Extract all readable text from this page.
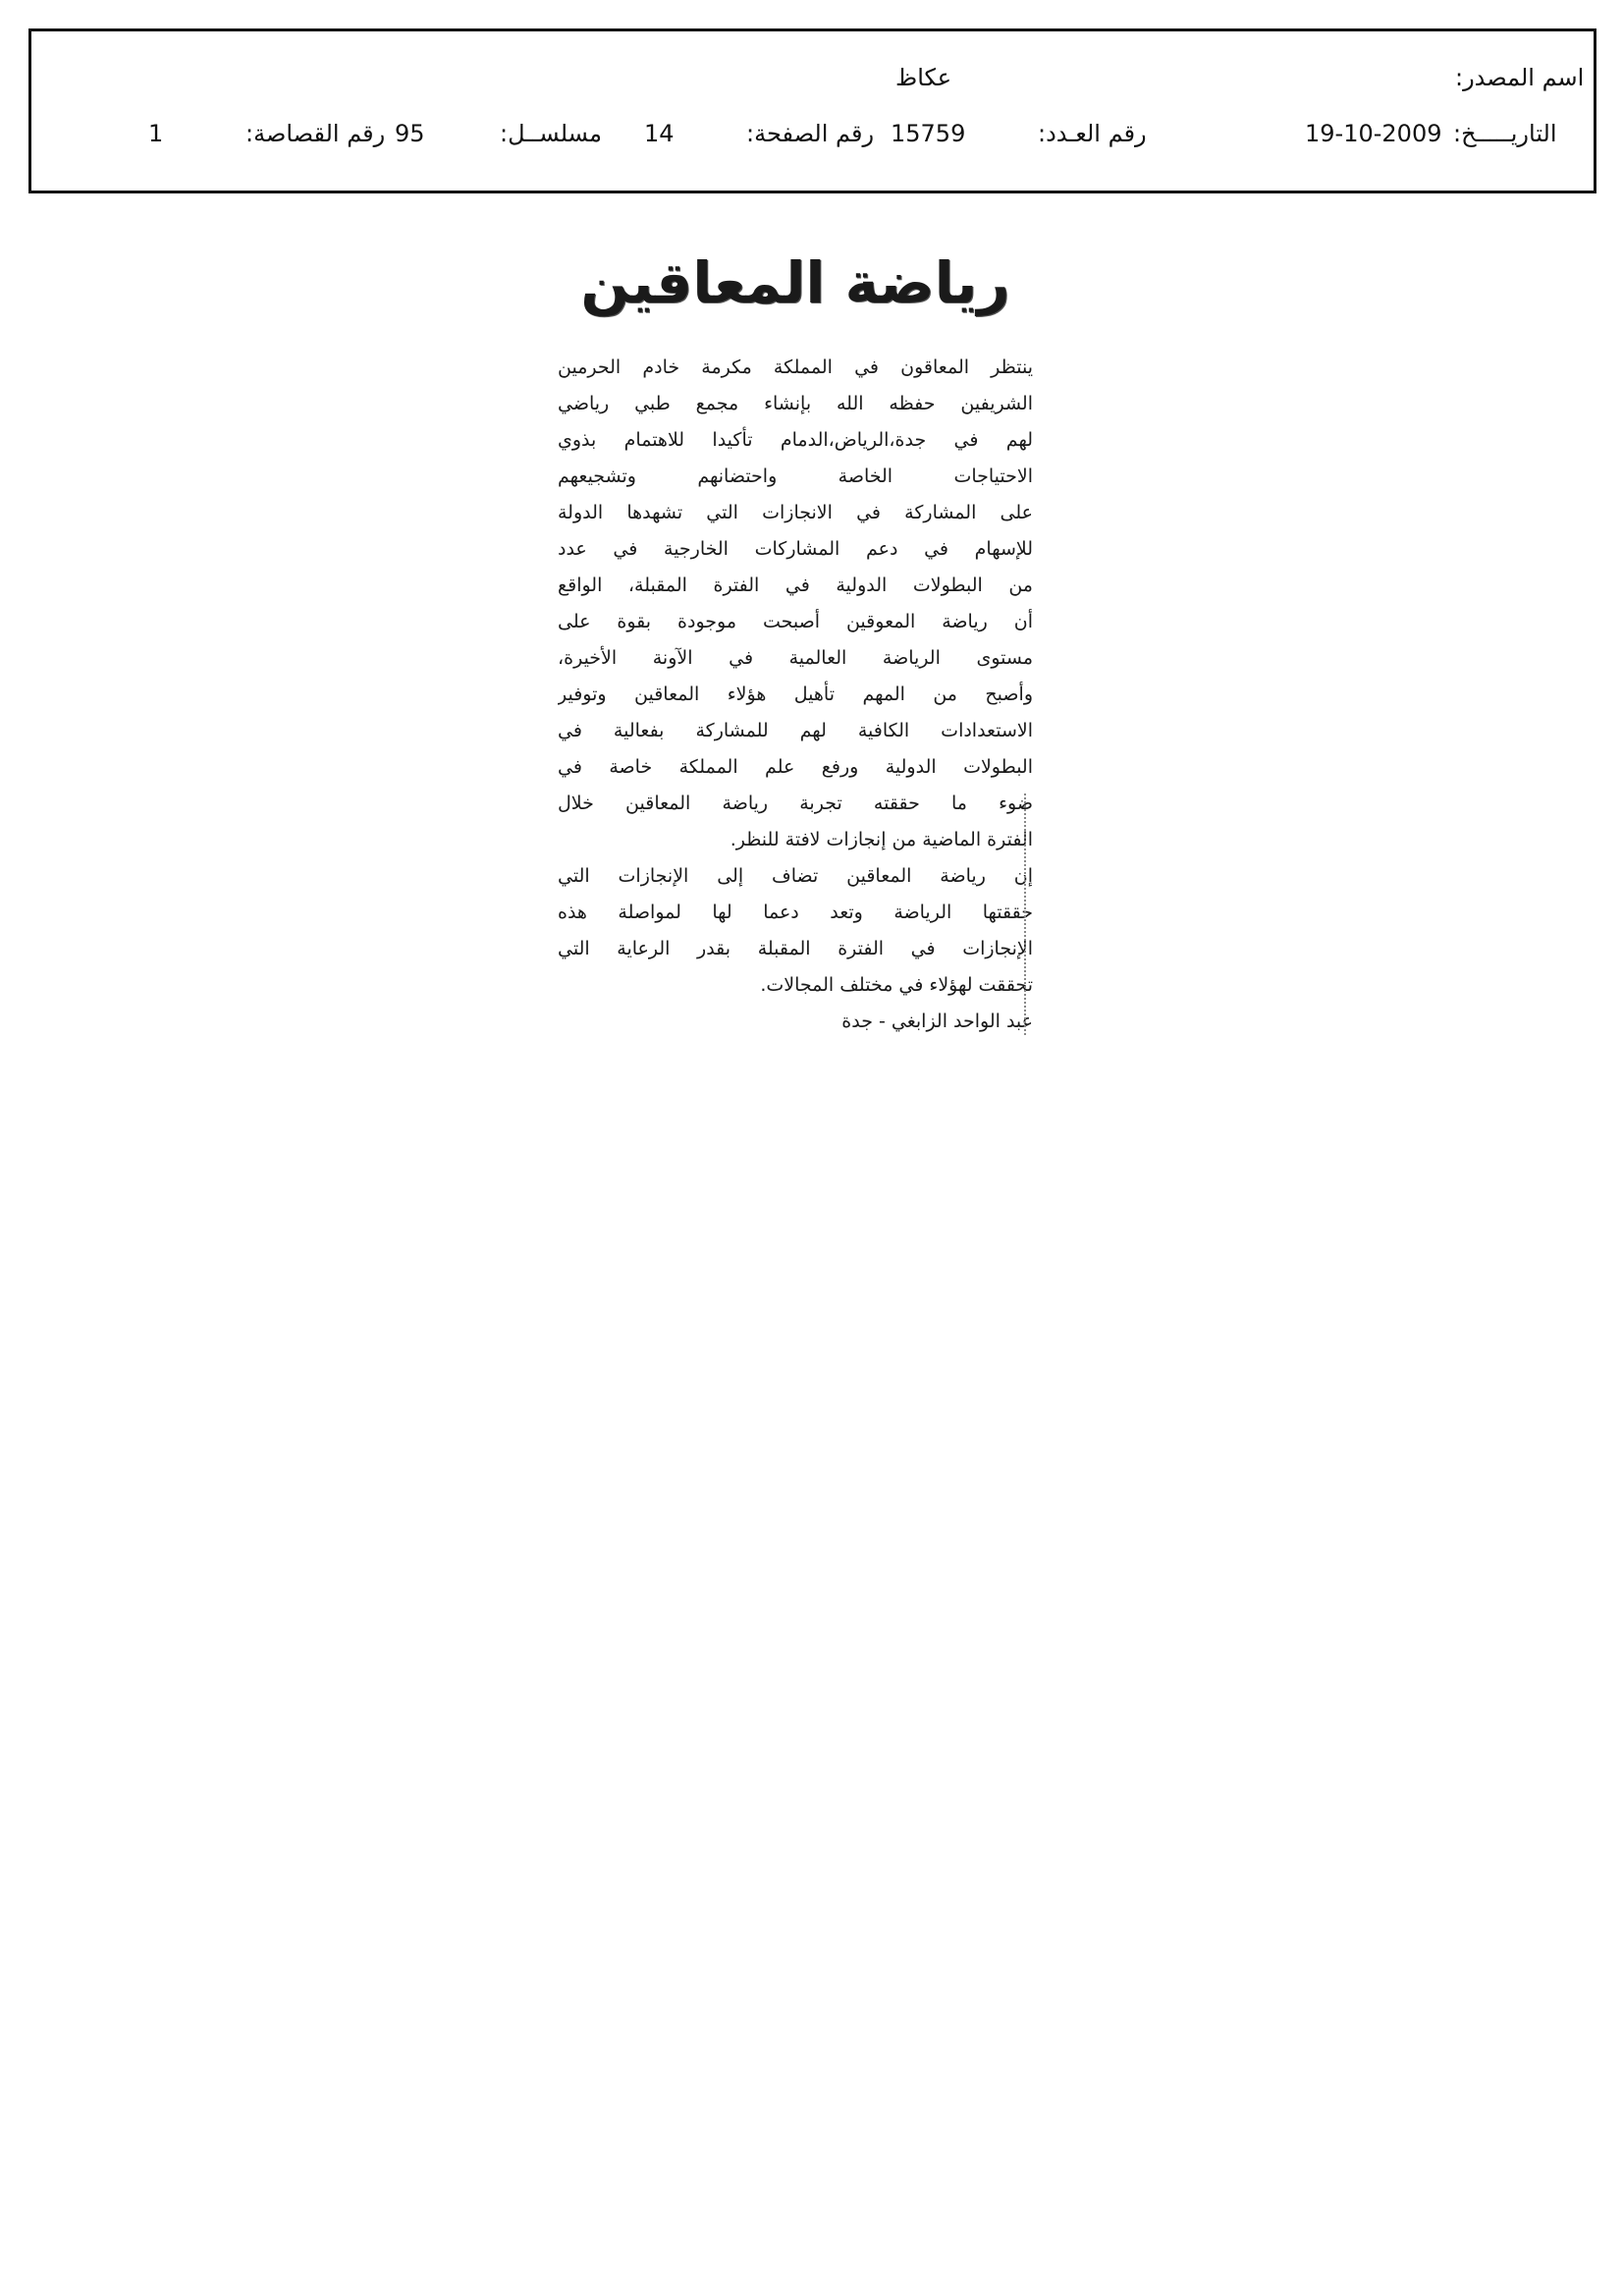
اسم المصدر:
عكاظ
التاريـــــخ:
19-10-2009
رقم العـدد:
15759
رقم الصفحة:
14
مسلســل:
95
رقم القصاصة:
1
رياضة المعاقين
ينتظر المعاقون في المملكة مكرمة خادم الحرمين
الشريفين حفظه الله بإنشاء مجمع طبي رياضي
لهم في جدة،الرياض،الدمام تأكيدا للاهتمام بذوي
الاحتياجات الخاصة واحتضانهم وتشجيعهم
على المشاركة في الانجازات التي تشهدها الدولة
للإسهام في دعم المشاركات الخارجية في عدد
من البطولات الدولية في الفترة المقبلة، الواقع
أن رياضة المعوقين أصبحت موجودة بقوة على
مستوى الرياضة العالمية في الآونة الأخيرة،
وأصبح من المهم تأهيل هؤلاء المعاقين وتوفير
الاستعدادات الكافية لهم للمشاركة بفعالية في
البطولات الدولية ورفع علم المملكة خاصة في
ضوء ما حققته تجربة رياضة المعاقين خلال
الفترة الماضية من إنجازات لافتة للنظر.
إن رياضة المعاقين تضاف إلى الإنجازات التي
حققتها الرياضة وتعد دعما لها لمواصلة هذه
الإنجازات في الفترة المقبلة بقدر الرعاية التي
تحققت لهؤلاء في مختلف المجالات.
عبد الواحد الزابغي - جدة
